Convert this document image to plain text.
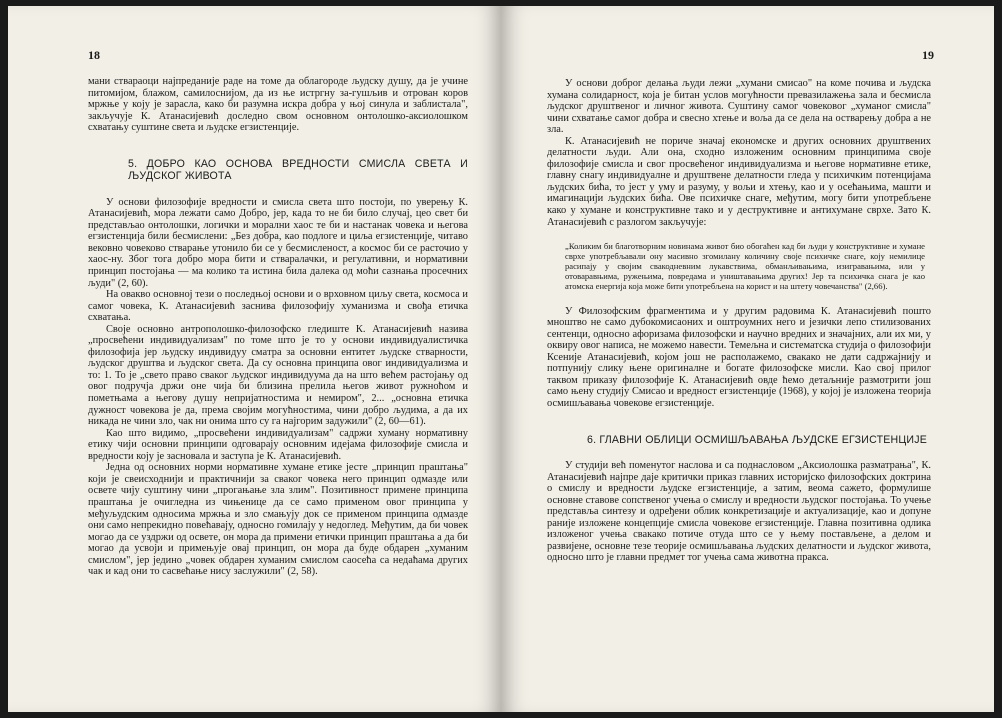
18

мани ствараоци најпреданије раде на томе да облагороде људску душу, да је учине питомијом, блажом, самилоснијом, да из ње истргну зa-гушљив и отрован коров мржње у коју је зарасла, како би разумна искра добра у њој синула и заблистала", закључује К. Атанасијевић доследно свом основном онтолошко-аксиолошком схватању суштине света и људске егзистенције.

5. ДОБРО КАО ОСНОВА ВРЕДНОСТИ СМИСЛА СВЕТА И ЉУДСКОГ ЖИВОТА

У основи филозофије вредности и смисла света што постоји, по уверењу К. Атанасијевић, мора лежати само Добро, јер, када то не би било случај, цео свет би представљао онтолошки, логички и морални хаос те би и настанак човека и његова егзистенција били бесмислени: „Без добра, као подлоге и циља егзистенције, читаво вековно човеково стварање утонило би се у бесмисленост, а космос би се расточио у хаос-ну. Због тога добро мора бити и стваралачки, и регулативни, и нормативни принцип постојања — ма колико та истина била далека од моћи сазнања просечних људи" (2, 60).

На овакво основној тези о последњој основи и о врховном циљу света, космоса и самог човека, К. Атанасијевић заснива филозофију хуманизма и свођа етичка схватања.

Своје основно антрополошко-филозофско гледиште К. Атанасијевић назива „просвећени индивидуализам" по томе што је то у основи индивидуалистичка филозофија јер људску индивидуу смaтра за основни ентитет људске стварности, људског друштва и људског света. Да су основна принципа овог индивидуализма и то: 1. То је „свето право сваког људског индивидуума да на што већем растојању од овог подручја држи оне чија би близина прелила његов живот ружноћом и пометњама а његову душу непријатностима и немиром", 2... „основна етичка дужност човекова је да, према својим могућностима, чини добро људима, а да их никада не чини зло, чак ни онима што су га најгорим задужили" (2, 60—61).

Као што видимо, „просвећени индивидуализам" садржи хуману нормативну етику чији основни принципи одговарају основним идејама филозофије смисла и вредности коју је засновала и заступа је К. Атанасијевић.

Једна од основних норми нормативне хумане етике јесте „принцип праштања" који је свеисходнији и практичнији за сваког човека него принцип одмазде или освете чију суштину чини „прогањање зла злим". Позитивност примене принципа праштања је очигледна из чињенице да се само применом овог принципа у међуљудским односима мржња и зло смањују док се применом принципа одмазде они само непрекидно повећавају, односно гомилају у недоглед. Међутим, да би човек могао да се уздржи од освете, он мора да примени етички принцип праштања а да би могао да усвоји и примењује овај принцип, он мора да буде обдарен „хуманим смислом", јер једино „човек обдарен хуманим смислом саосећа са недаћама других чак и кад они то сасвећање нису заслужили" (2, 58).

19

У основи доброг делања људи лежи „хумани смисао" на коме почива и људска хумана солидарност, која је битан услов могућности превазилажења зала и бесмисла људског друштвеног и личног живота. Суштину самог човековог „хуманог смисла" чини схватање самог добра и свесно хтење и воља да се дела на остварењу добра а не зла.

К. Атанасијевић не пориче значај економске и других основних друштвених делатности људи. Али она, сходно изложеним основним принципима своје филозофије смисла и свог просвећеног индивидуализма и његове нормативне етике, главну снагу индивидуалне и друштвене делатности гледа у психичким потенцијама људских бића, то јест у уму и разуму, у вољи и хтењу, као и у осећањима, машти и имагинацији људских бића. Ове психичке снаге, међутим, могу бити употребљене како у хумане и конструктивне тако и у деструктивне и антихумане сврхе. Зато К. Атанасијевић с разлогом закључује:

„Коликим би благотворним новинама живот био обогаћен кад би људи у конструктивне и хумане сврхе употребљавали ону масивно згомилану количину своје психичке снаге, коју немилице расипају у својим свакодневним лукавствима, обманљивањима, изигравањима, или у отоваравњима, ружењима, повредама и уништавањима других! Јер та психичка снага је као атомска енергија која може бити употребљена на корист и на штету човечанства" (2,66).

У Филозофским фрагментима и у другим радовима К. Атанасијевић пошто мноштво не само дубокомисаоних и оштроумних него и језички лепо стилизованих сентенци, односно афоризама филозофски и научно вредних и значајних, али их ми, у оквиру овог написа, не можемо навести. Темељна и систематска студија о филозофији Ксеније Атанасијевић, којом још не располажемо, свакако не дати садржајнију и потпунију слику њене оригиналне и богате филозофске мисли. Као свој прилог таквом приказу филозофије К. Атанасијевић овде ћемо детаљније размотрити још само њену студију Смисао и вредност егзистенције (1968), у којој је изложена теорија осмишљавања човекове егзистенције.

6. ГЛАВНИ ОБЛИЦИ ОСМИШЉАВАЊА ЉУДСКЕ ЕГЗИСТЕНЦИЈЕ

У студији већ поменутог наслова и са поднасловом „Аксиолошка разматрања", К. Атанасијевић најпре даје критички приказ главних историјско филозофских доктрина о смислу и вредности људске егзистенције, а затим, веома сажето, формулише основне ставове сопственог учења о смислу и вредности људског постојања. То учење представља синтезу и одређени облик конкретизације и актуализације, као и допуне раније изложене концепције смисла човекове егзистенције. Главна позитивна одлика изложеног учења свакако потиче отуда што се у њему постављене, а делом и развијене, основне тезе теорије осмишљавања људских делатности и људског живота, односно што је главни предмет тог учења сама животна пракса.
